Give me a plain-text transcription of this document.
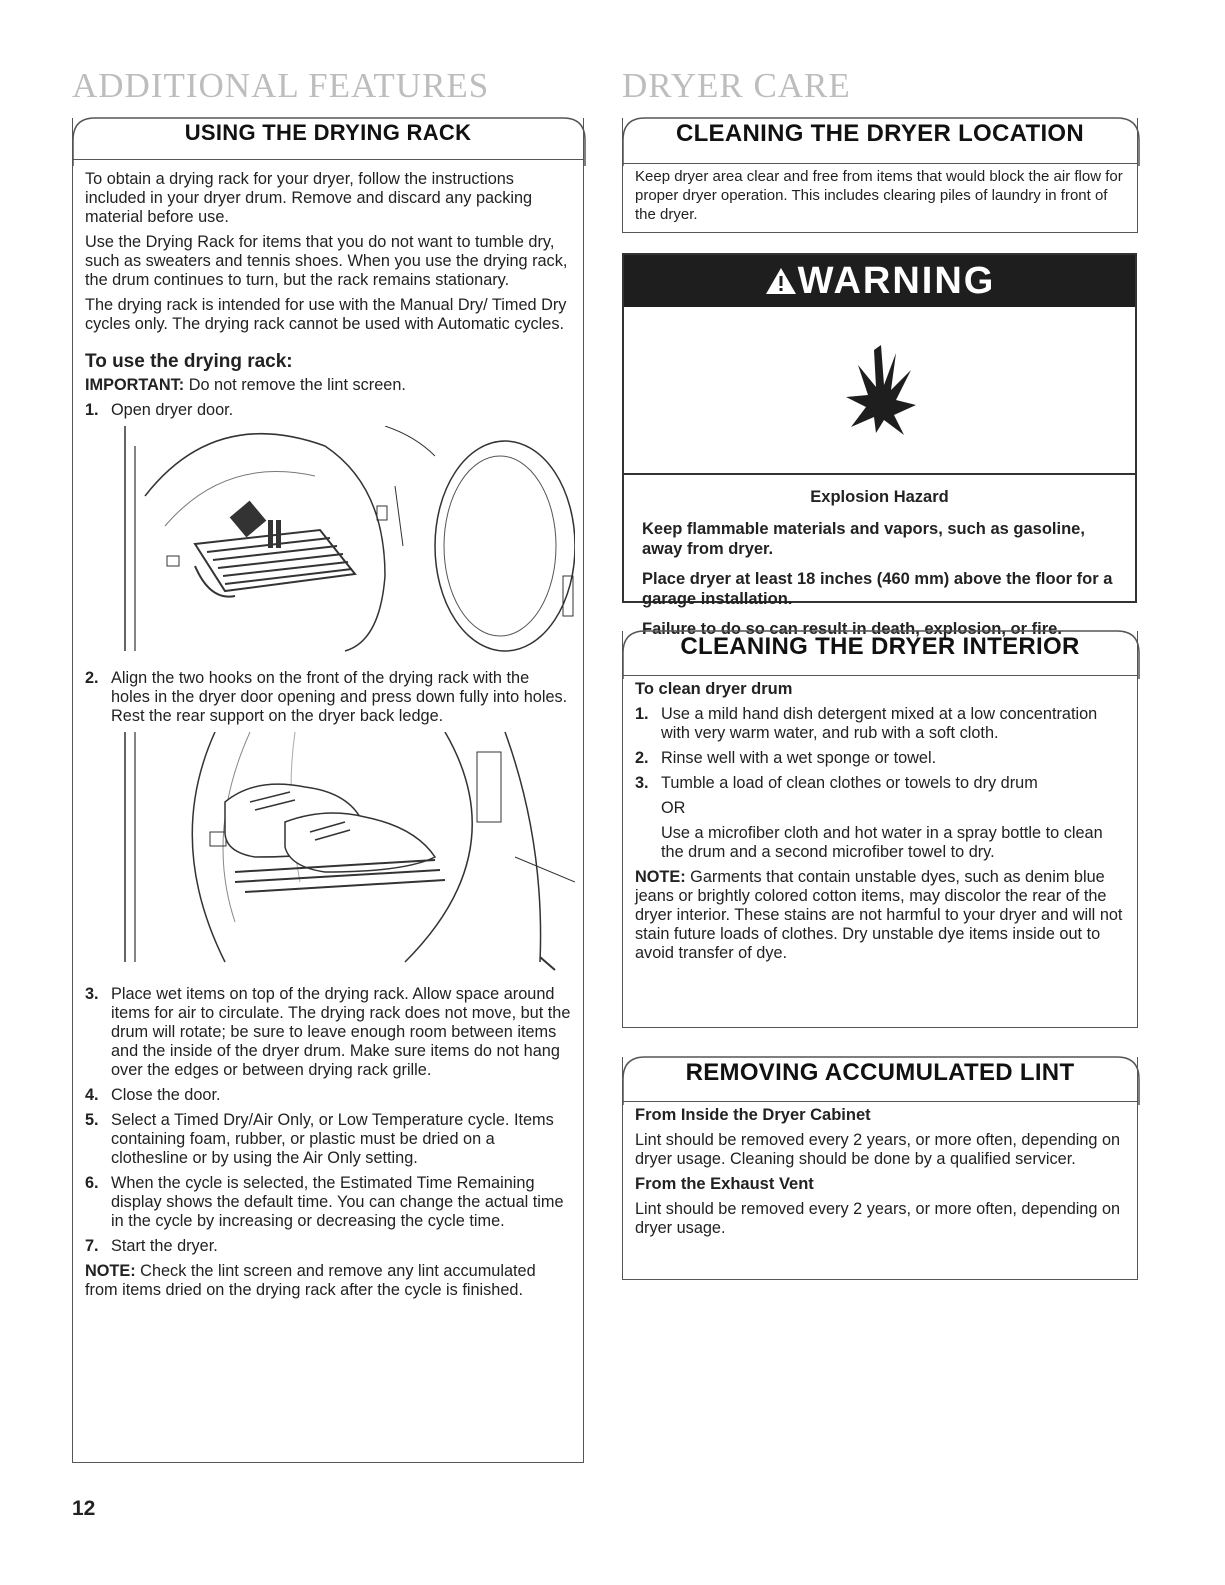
ADDITIONAL FEATURES	DRYER CARE
USING THE DRYING RACK

To obtain a drying rack for your dryer, follow the instructions included in your dryer drum. Remove and discard any packing material before use.

Use the Drying Rack for items that you do not want to tumble dry, such as sweaters and tennis shoes. When you use the drying rack, the drum continues to turn, but the rack remains stationary.

The drying rack is intended for use with the Manual Dry/ Timed Dry cycles only. The drying rack cannot be used with Automatic cycles.

To use the drying rack:

IMPORTANT: Do not remove the lint screen.

1. Open dryer door.
2. Align the two hooks on the front of the drying rack with the holes in the dryer door opening and press down fully into holes. Rest the rear support on the dryer back ledge.
3. Place wet items on top of the drying rack. Allow space around items for air to circulate. The drying rack does not move, but the drum will rotate; be sure to leave enough room between items and the inside of the dryer drum. Make sure items do not hang over the edges or between drying rack grille.
4. Close the door.
5. Select a Timed Dry/Air Only, or Low Temperature cycle. Items containing foam, rubber, or plastic must be dried on a clothesline or by using the Air Only setting.
6. When the cycle is selected, the Estimated Time Remaining display shows the default time. You can change the actual time in the cycle by increasing or decreasing the cycle time.
7. Start the dryer.

NOTE: Check the lint screen and remove any lint accumulated from items dried on the drying rack after the cycle is finished.

CLEANING THE DRYER LOCATION

Keep dryer area clear and free from items that would block the air flow for proper dryer operation. This includes clearing piles of laundry in front of the dryer.

WARNING
Explosion Hazard

Keep flammable materials and vapors, such as gasoline, away from dryer.

Place dryer at least 18 inches (460 mm) above the floor for a garage installation.

Failure to do so can result in death, explosion, or fire.

CLEANING THE DRYER INTERIOR
To clean dryer drum
1. Use a mild hand dish detergent mixed at a low concentration with very warm water, and rub with a soft cloth.
2. Rinse well with a wet sponge or towel.
3. Tumble a load of clean clothes or towels to dry drum

OR
Use a microfiber cloth and hot water in a spray bottle to clean the drum and a second microfiber towel to dry.

NOTE: Garments that contain unstable dyes, such as denim blue jeans or brightly colored cotton items, may discolor the rear of the dryer interior. These stains are not harmful to your dryer and will not stain future loads of clothes. Dry unstable dye items inside out to avoid transfer of dye.

REMOVING ACCUMULATED LINT
From Inside the Dryer Cabinet

Lint should be removed every 2 years, or more often, depending on dryer usage. Cleaning should be done by a qualified servicer.

From the Exhaust Vent

Lint should be removed every 2 years, or more often, depending on dryer usage.

12
